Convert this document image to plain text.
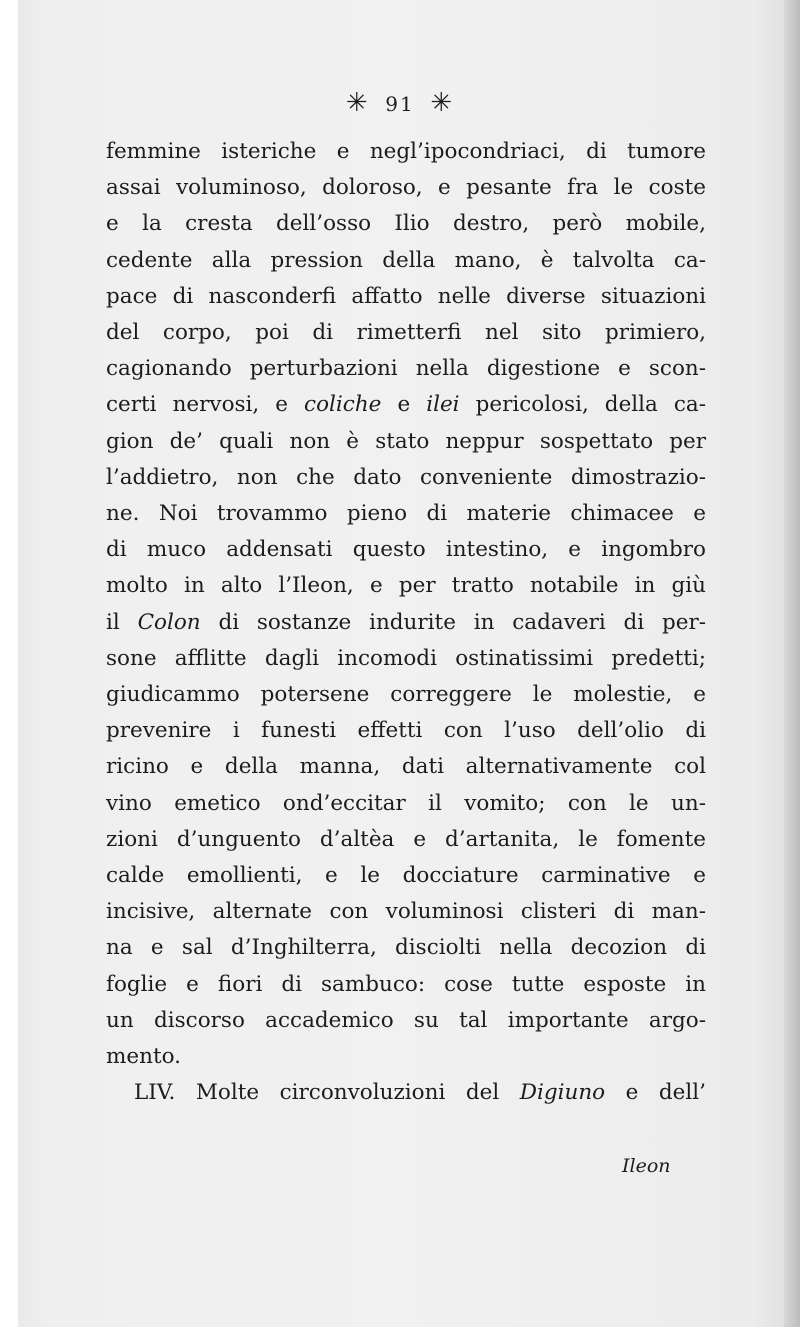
✳ 91 ✳
femmine isteriche e negl’ipocondriaci, di tumore
assai voluminoso, doloroso, e pesante fra le coste
e la cresta dell’osso Ilio destro, però mobile,
cedente alla pression della mano, è talvolta ca-
pace di nasconderfi affatto nelle diverse situazioni
del corpo, poi di rimetterfi nel sito primiero,
cagionando perturbazioni nella digestione e scon-
certi nervosi, e coliche e ilei pericolosi, della ca-
gion de’ quali non è stato neppur sospettato per
l’addietro, non che dato conveniente dimostrazio-
ne. Noi trovammo pieno di materie chimacee e
di muco addensati questo intestino, e ingombro
molto in alto l’Ileon, e per tratto notabile in giù
il Colon di sostanze indurite in cadaveri di per-
sone afflitte dagli incomodi ostinatissimi predetti;
giudicammo potersene correggere le molestie, e
prevenire i funesti effetti con l’uso dell’olio di
ricino e della manna, dati alternativamente col
vino emetico ond’eccitar il vomito; con le un-
zioni d’unguento d’altèa e d’artanita, le fomente
calde emollienti, e le docciature carminative e
incisive, alternate con voluminosi clisteri di man-
na e sal d’Inghilterra, disciolti nella decozion di
foglie e fiori di sambuco: cose tutte esposte in
un discorso accademico su tal importante argo-
mento.
LIV. Molte circonvoluzioni del Digiuno e dell’
Ileon
